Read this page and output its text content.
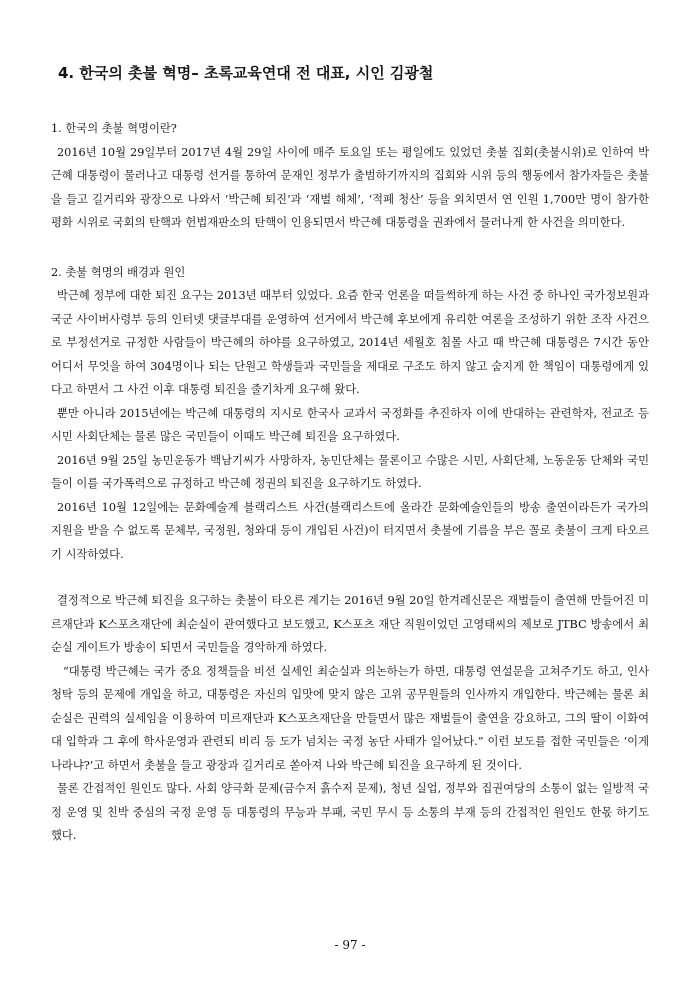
4. 한국의 촛불 혁명– 초록교육연대 전 대표, 시인 김광철

1. 한국의 촛불 혁명이란?

2016년 10월 29일부터 2017년 4월 29일 사이에 매주 토요일 또는 평일에도 있었던 촛불 집회(촛불시위)로 인하여 박근혜 대통령이 물러나고 대통령 선거를 통하여 문재인 정부가 출범하기까지의 집회와 시위 등의 행동에서 참가자들은 촛불을 들고 길거리와 광장으로 나와서 ‘박근혜 퇴진’과 ‘재벌 해체’, ‘적폐 청산’ 등을 외치면서 연 인원 1,700만 명이 참가한 평화 시위로 국회의 탄핵과 헌법재판소의 탄핵이 인용되면서 박근혜 대통령을 권좌에서 물러나게 한 사건을 의미한다.

2. 촛불 혁명의 배경과 원인

박근혜 정부에 대한 퇴진 요구는 2013년 때부터 있었다. 요즘 한국 언론을 떠들썩하게 하는 사건 중 하나인 국가정보원과 국군 사이버사령부 등의 인터넷 댓글부대를 운영하여 선거에서 박근혜 후보에게 유리한 여론을 조성하기 위한 조작 사건으로 부정선거로 규정한 사람들이 박근혜의 하야를 요구하였고, 2014년 세월호 침몰 사고 때 박근혜 대통령은 7시간 동안 어디서 무엇을 하여 304명이나 되는 단원고 학생들과 국민들을 제대로 구조도 하지 않고 숨지게 한 책임이 대통령에게 있다고 하면서 그 사건 이후 대통령 퇴진을 줄기차게 요구해 왔다.

뿐만 아니라 2015년에는 박근혜 대통령의 지시로 한국사 교과서 국정화를 추진하자 이에 반대하는 관련학자, 전교조 등 시민 사회단체는 물론 많은 국민들이 이때도 박근혜 퇴진을 요구하였다.

2016년 9월 25일 농민운동가 백남기씨가 사망하자, 농민단체는 물론이고 수많은 시민, 사회단체, 노동운동 단체와 국민들이 이를 국가폭력으로 규정하고 박근혜 정권의 퇴진을 요구하기도 하였다.

2016년 10월 12일에는 문화예술계 블랙리스트 사건(블랙리스트에 올라간 문화예술인들의 방송 출연이라든가 국가의 지원을 받을 수 없도록 문체부, 국정원, 청와대 등이 개입된 사건)이 터지면서 촛불에 기름을 부은 꼴로 촛불이 크게 타오르기 시작하였다.

결정적으로 박근혜 퇴진을 요구하는 촛불이 타오른 계기는 2016년 9월 20일 한겨레신문은 재벌들이 출연해 만들어진 미르재단과 K스포츠재단에 최순실이 관여했다고 보도했고, K스포츠 재단 직원이었던 고영태씨의 제보로 JTBC 방송에서 최순실 게이트가 방송이 되면서 국민들을 경악하게 하였다.

“대통령 박근혜는 국가 중요 정책들을 비선 실세인 최순실과 의논하는가 하면, 대통령 연설문을 고쳐주기도 하고, 인사 청탁 등의 문제에 개입을 하고, 대통령은 자신의 입맛에 맞지 않은 고위 공무원들의 인사까지 개입한다. 박근혜는 물론 최순실은 권력의 실세임을 이용하여 미르재단과 K스포츠재단을 만들면서 많은 재벌들이 출연을 강요하고, 그의 딸이 이화여대 입학과 그 후에 학사운영과 관련되 비리 등 도가 넘치는 국정 농단 사태가 일어났다.” 이런 보도를 접한 국민들은 ‘이게 나라냐?’고 하면서 촛불을 들고 광장과 길거리로 쏟아져 나와 박근혜 퇴진을 요구하게 된 것이다.

물론 간접적인 원인도 많다. 사회 양극화 문제(금수저 흙수저 문제), 청년 실업, 정부와 집권여당의 소통이 없는 일방적 국정 운영 및 친박 중심의 국정 운영 등 대통령의 무능과 부패, 국민 무시 등 소통의 부재 등의 간접적인 원인도 한몫 하기도 했다.

- 97 -
